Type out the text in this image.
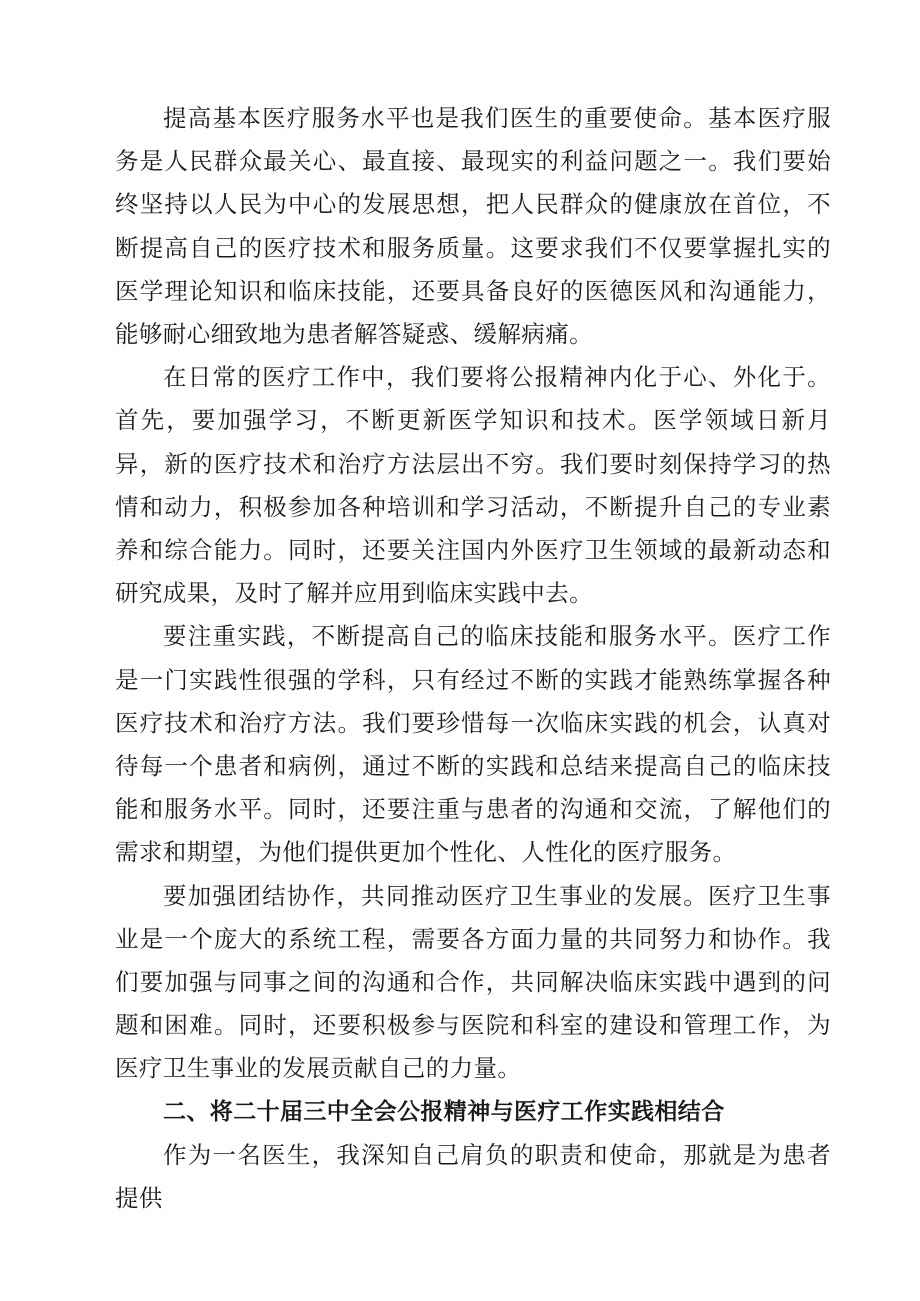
提高基本医疗服务水平也是我们医生的重要使命。基本医疗服务是人民群众最关心、最直接、最现实的利益问题之一。我们要始终坚持以人民为中心的发展思想，把人民群众的健康放在首位，不断提高自己的医疗技术和服务质量。这要求我们不仅要掌握扎实的医学理论知识和临床技能，还要具备良好的医德医风和沟通能力，能够耐心细致地为患者解答疑惑、缓解病痛。

在日常的医疗工作中，我们要将公报精神内化于心、外化于。首先，要加强学习，不断更新医学知识和技术。医学领域日新月异，新的医疗技术和治疗方法层出不穷。我们要时刻保持学习的热情和动力，积极参加各种培训和学习活动，不断提升自己的专业素养和综合能力。同时，还要关注国内外医疗卫生领域的最新动态和研究成果，及时了解并应用到临床实践中去。

要注重实践，不断提高自己的临床技能和服务水平。医疗工作是一门实践性很强的学科，只有经过不断的实践才能熟练掌握各种医疗技术和治疗方法。我们要珍惜每一次临床实践的机会，认真对待每一个患者和病例，通过不断的实践和总结来提高自己的临床技能和服务水平。同时，还要注重与患者的沟通和交流，了解他们的需求和期望，为他们提供更加个性化、人性化的医疗服务。

要加强团结协作，共同推动医疗卫生事业的发展。医疗卫生事业是一个庞大的系统工程，需要各方面力量的共同努力和协作。我们要加强与同事之间的沟通和合作，共同解决临床实践中遇到的问题和困难。同时，还要积极参与医院和科室的建设和管理工作，为医疗卫生事业的发展贡献自己的力量。

二、将二十届三中全会公报精神与医疗工作实践相结合

作为一名医生，我深知自己肩负的职责和使命，那就是为患者提供
